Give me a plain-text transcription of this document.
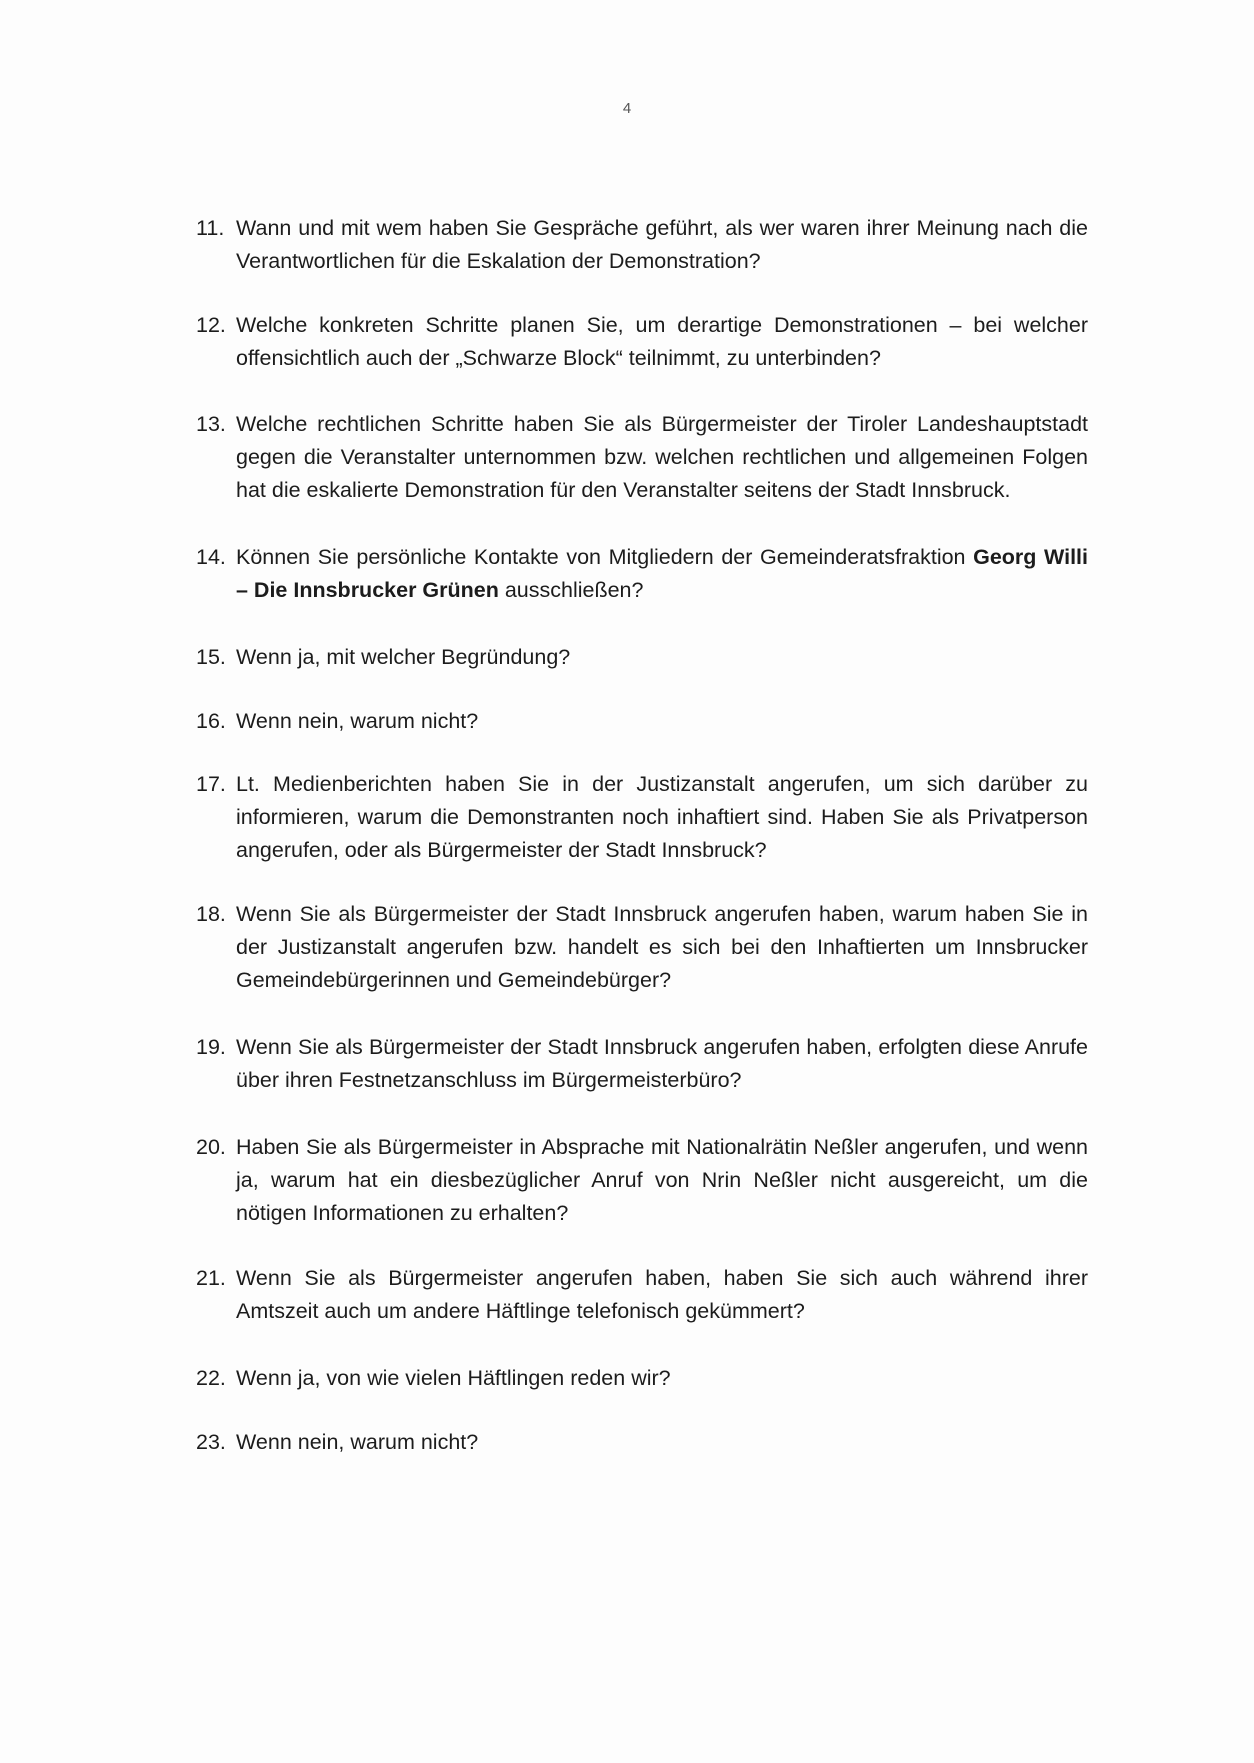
4
11. Wann und mit wem haben Sie Gespräche geführt, als wer waren ihrer Meinung nach die Verantwortlichen für die Eskalation der Demonstration?
12. Welche konkreten Schritte planen Sie, um derartige Demonstrationen – bei welcher offensichtlich auch der „Schwarze Block“ teilnimmt, zu unterbinden?
13. Welche rechtlichen Schritte haben Sie als Bürgermeister der Tiroler Landeshauptstadt gegen die Veranstalter unternommen bzw. welchen rechtlichen und allgemeinen Folgen hat die eskalierte Demonstration für den Veranstalter seitens der Stadt Innsbruck.
14. Können Sie persönliche Kontakte von Mitgliedern der Gemeinderatsfraktion Georg Willi – Die Innsbrucker Grünen ausschließen?
15. Wenn ja, mit welcher Begründung?
16. Wenn nein, warum nicht?
17. Lt. Medienberichten haben Sie in der Justizanstalt angerufen, um sich darüber zu informieren, warum die Demonstranten noch inhaftiert sind. Haben Sie als Privatperson angerufen, oder als Bürgermeister der Stadt Innsbruck?
18. Wenn Sie als Bürgermeister der Stadt Innsbruck angerufen haben, warum haben Sie in der Justizanstalt angerufen bzw. handelt es sich bei den Inhaftierten um Innsbrucker Gemeindebürgerinnen und Gemeindebürger?
19. Wenn Sie als Bürgermeister der Stadt Innsbruck angerufen haben, erfolgten diese Anrufe über ihren Festnetzanschluss im Bürgermeisterbüro?
20. Haben Sie als Bürgermeister in Absprache mit Nationalrätin Neßler angerufen, und wenn ja, warum hat ein diesbezüglicher Anruf von Nrin Neßler nicht ausgereicht, um die nötigen Informationen zu erhalten?
21. Wenn Sie als Bürgermeister angerufen haben, haben Sie sich auch während ihrer Amtszeit auch um andere Häftlinge telefonisch gekümmert?
22. Wenn ja, von wie vielen Häftlingen reden wir?
23. Wenn nein, warum nicht?
